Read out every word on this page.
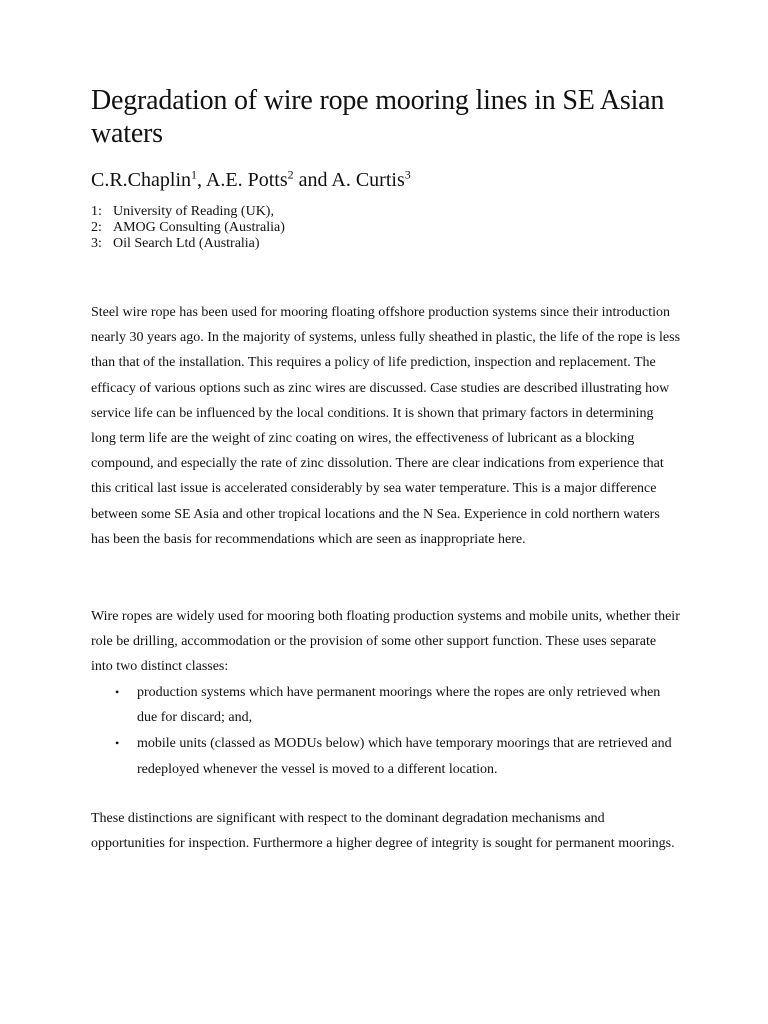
Degradation of wire rope mooring lines in SE Asian waters
C.R.Chaplin$^1$, A.E. Potts$^2$ and A. Curtis$^3$
1: University of Reading (UK),
2: AMOG Consulting (Australia)
3: Oil Search Ltd (Australia)

Steel wire rope has been used for mooring floating offshore production systems since their introduction nearly 30 years ago. In the majority of systems, unless fully sheathed in plastic, the life of the rope is less than that of the installation. This requires a policy of life prediction, inspection and replacement. The efficacy of various options such as zinc wires are discussed. Case studies are described illustrating how service life can be influenced by the local conditions. It is shown that primary factors in determining long term life are the weight of zinc coating on wires, the effectiveness of lubricant as a blocking compound, and especially the rate of zinc dissolution. There are clear indications from experience that this critical last issue is accelerated considerably by sea water temperature. This is a major difference between some SE Asia and other tropical locations and the N Sea. Experience in cold northern waters has been the basis for recommendations which are seen as inappropriate here.

Wire ropes are widely used for mooring both floating production systems and mobile units, whether their role be drilling, accommodation or the provision of some other support function. These uses separate into two distinct classes:

• production systems which have permanent moorings where the ropes are only retrieved when due for discard; and,
• mobile units (classed as MODUs below) which have temporary moorings that are retrieved and redeployed whenever the vessel is moved to a different location.

These distinctions are significant with respect to the dominant degradation mechanisms and opportunities for inspection. Furthermore a higher degree of integrity is sought for permanent moorings.
